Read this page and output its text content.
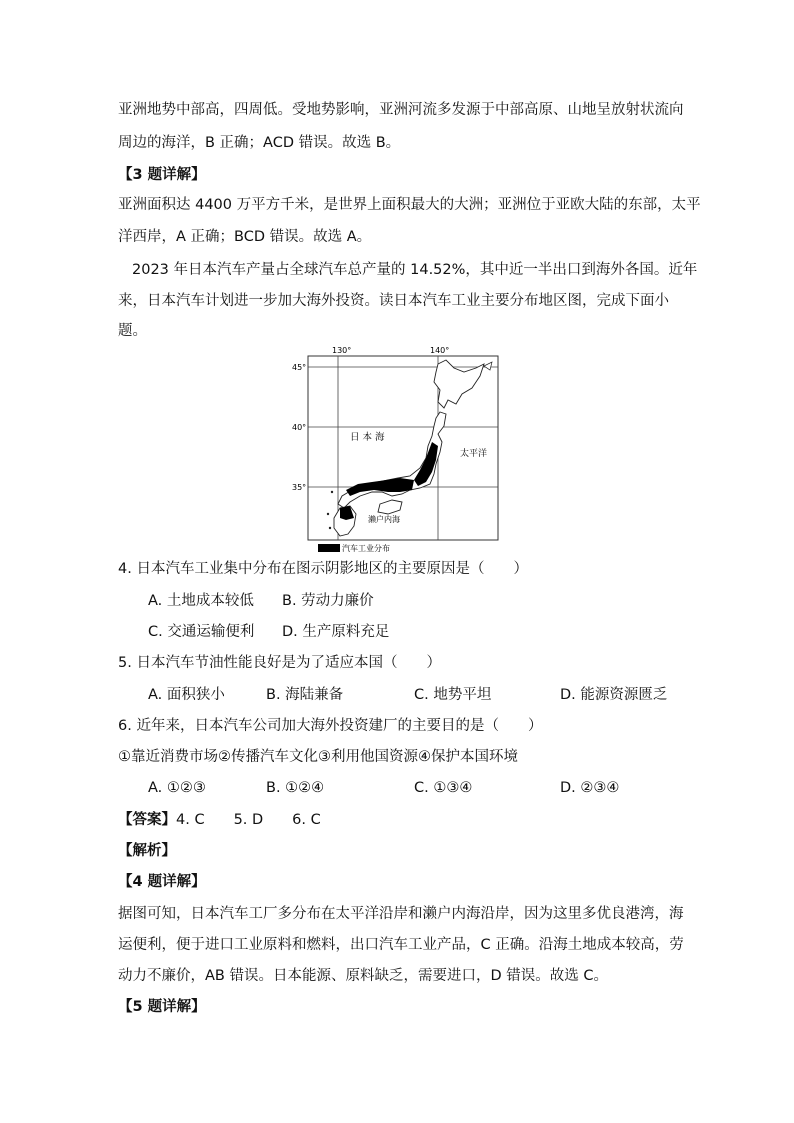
亚洲地势中部高，四周低。受地势影响，亚洲河流多发源于中部高原、山地呈放射状流向
周边的海洋，B 正确；ACD 错误。故选 B。
【3 题详解】
亚洲面积达 4400 万平方千米，是世界上面积最大的大洲；亚洲位于亚欧大陆的东部，太平
洋西岸，A 正确；BCD 错误。故选 A。
2023 年日本汽车产量占全球汽车总产量的 14.52%，其中近一半出口到海外各国。近年
来，日本汽车计划进一步加大海外投资。读日本汽车工业主要分布地区图，完成下面小
题。
130°	140°
45°
40°
35°
日 本 海
太平洋
濑户内海
汽车工业分布
4. 日本汽车工业集中分布在图示阴影地区的主要原因是（　　）
A. 土地成本较低 B. 劳动力廉价
C. 交通运输便利 D. 生产原料充足
5. 日本汽车节油性能良好是为了适应本国（　　）
A. 面积狭小	B. 海陆兼备	C. 地势平坦	D. 能源资源匮乏
6. 近年来，日本汽车公司加大海外投资建厂的主要目的是（　　）
①靠近消费市场②传播汽车文化③利用他国资源④保护本国环境
A. ①②③	B. ①②④	C. ①③④	D. ②③④
【答案】4. C　　5. D　　6. C
【解析】
【4 题详解】
据图可知，日本汽车工厂多分布在太平洋沿岸和濑户内海沿岸，因为这里多优良港湾，海
运便利，便于进口工业原料和燃料，出口汽车工业产品，C 正确。沿海土地成本较高，劳
动力不廉价，AB 错误。日本能源、原料缺乏，需要进口，D 错误。故选 C。
【5 题详解】
